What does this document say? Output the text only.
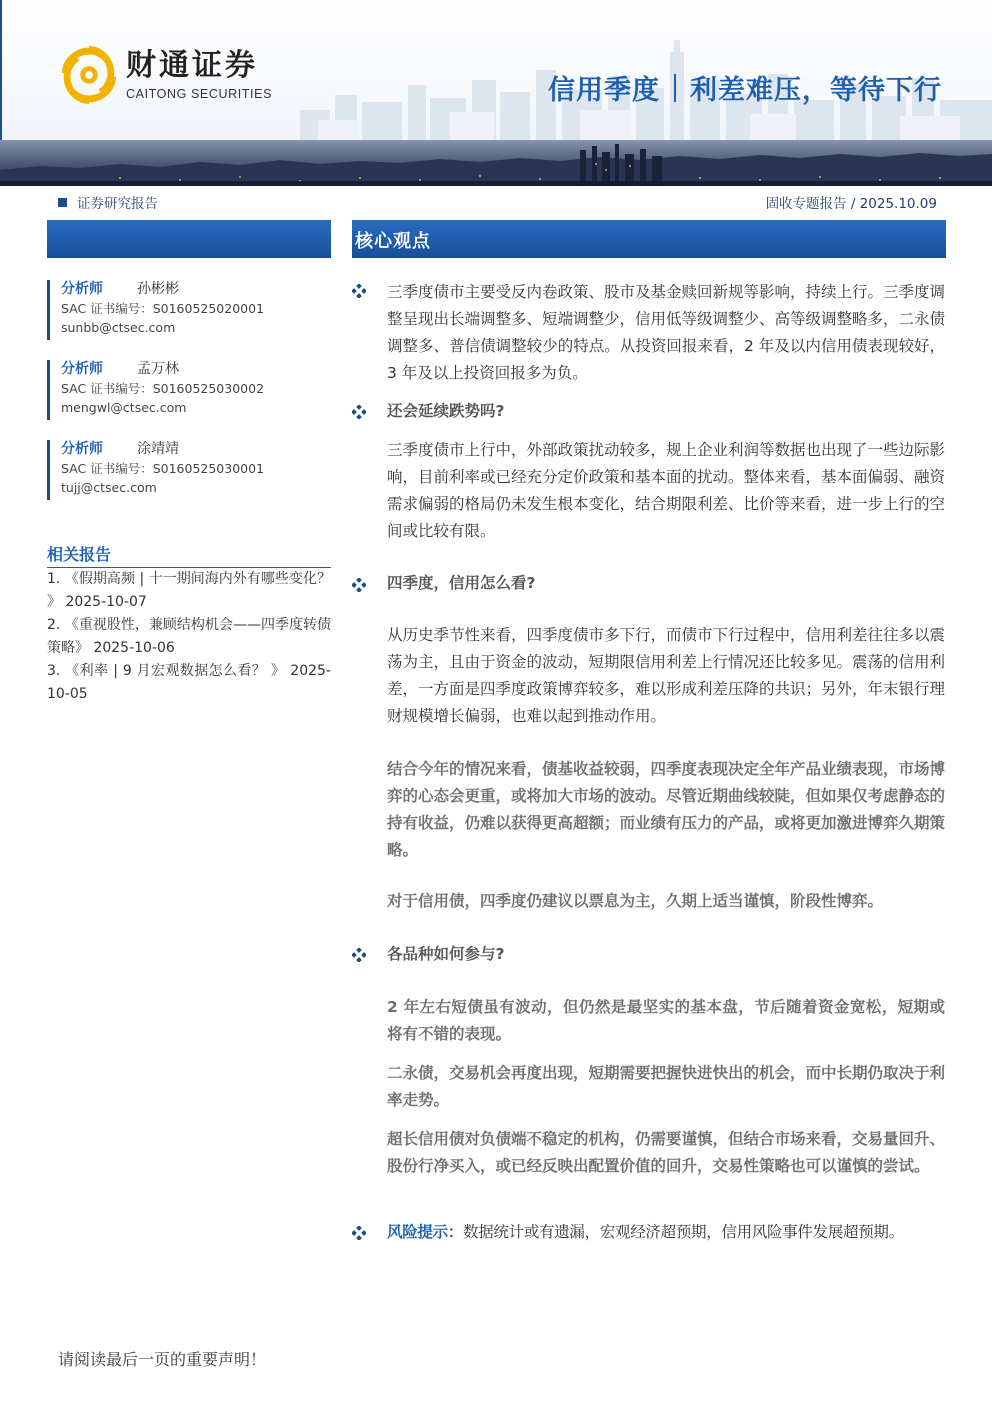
财通证券
CAITONG SECURITIES	信用季度 利差难压，等待下行
证券研究报告	固收专题报告 / 2025.10.09
核心观点
分析师	孙彬彬
SAC 证书编号：S0160525020001
sunbb@ctsec.com
分析师	孟万林
SAC 证书编号：S0160525030002
mengwl@ctsec.com
分析师	涂靖靖
SAC 证书编号：S0160525030001
tujj@ctsec.com
相关报告
1. 《假期高频 | 十一期间海内外有哪些变化？ 》 2025-10-07
2. 《重视股性，兼顾结构机会——四季度转债策略》 2025-10-06
3. 《利率 | 9 月宏观数据怎么看？ 》 2025-10-05
三季度债市主要受反内卷政策、股市及基金赎回新规等影响，持续上行。三季度调整呈现出长端调整多、短端调整少，信用低等级调整少、高等级调整略多，二永债调整多、普信债调整较少的特点。从投资回报来看，2 年及以内信用债表现较好，3 年及以上投资回报多为负。
还会延续跌势吗?
三季度债市上行中，外部政策扰动较多，规上企业利润等数据也出现了一些边际影响，目前利率或已经充分定价政策和基本面的扰动。整体来看，基本面偏弱、融资需求偏弱的格局仍未发生根本变化，结合期限利差、比价等来看，进一步上行的空间或比较有限。
四季度，信用怎么看?
从历史季节性来看，四季度债市多下行，而债市下行过程中，信用利差往往多以震荡为主，且由于资金的波动，短期限信用利差上行情况还比较多见。震荡的信用利差，一方面是四季度政策博弈较多，难以形成利差压降的共识；另外，年末银行理财规模增长偏弱，也难以起到推动作用。
结合今年的情况来看，债基收益较弱，四季度表现决定全年产品业绩表现，市场博弈的心态会更重，或将加大市场的波动。尽管近期曲线较陡，但如果仅考虑静态的持有收益，仍难以获得更高超额；而业绩有压力的产品，或将更加激进博弈久期策略。
对于信用债，四季度仍建议以票息为主，久期上适当谨慎，阶段性博弈。
各品种如何参与?
2 年左右短债虽有波动，但仍然是最坚实的基本盘，节后随着资金宽松，短期或将有不错的表现。
二永债，交易机会再度出现，短期需要把握快进快出的机会，而中长期仍取决于利率走势。
超长信用债对负债端不稳定的机构，仍需要谨慎，但结合市场来看，交易量回升、股份行净买入，或已经反映出配置价值的回升，交易性策略也可以谨慎的尝试。
风险提示：数据统计或有遗漏，宏观经济超预期，信用风险事件发展超预期。
请阅读最后一页的重要声明！
